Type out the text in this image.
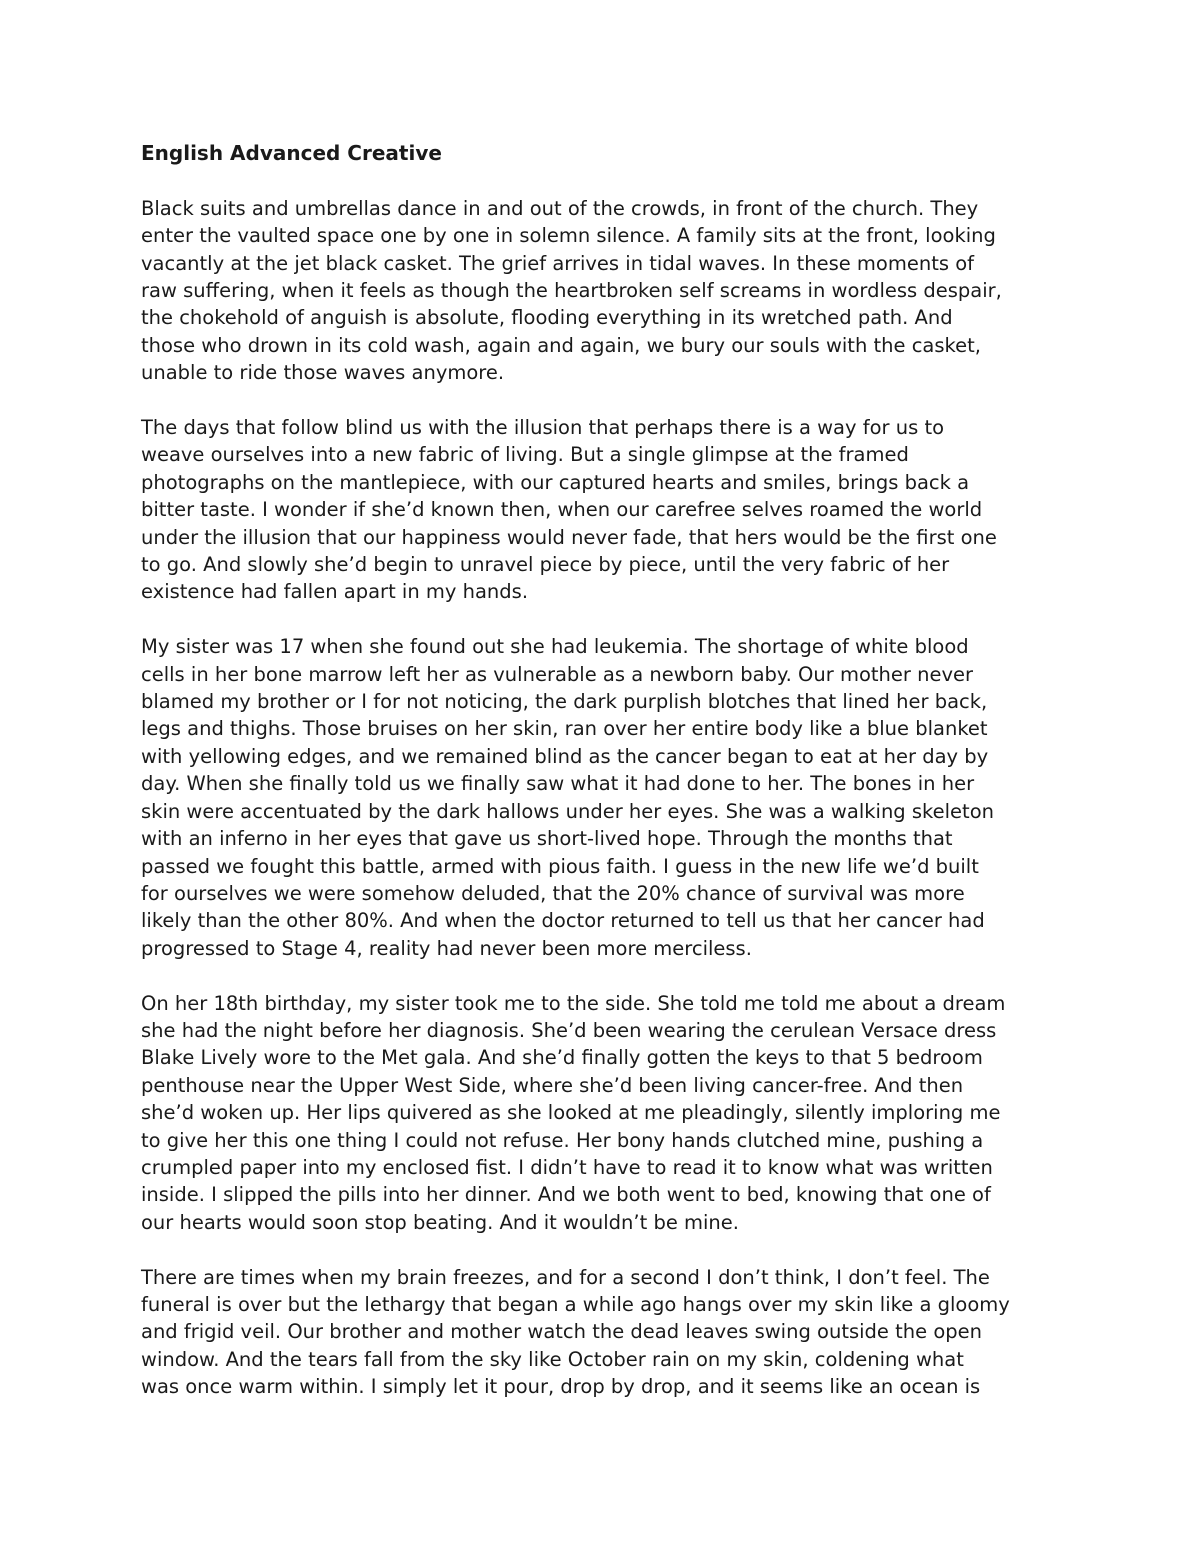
English Advanced Creative
Black suits and umbrellas dance in and out of the crowds, in front of the church. They
enter the vaulted space one by one in solemn silence. A family sits at the front, looking
vacantly at the jet black casket. The grief arrives in tidal waves. In these moments of
raw suffering, when it feels as though the heartbroken self screams in wordless despair,
the chokehold of anguish is absolute, flooding everything in its wretched path. And
those who drown in its cold wash, again and again, we bury our souls with the casket,
unable to ride those waves anymore.
The days that follow blind us with the illusion that perhaps there is a way for us to
weave ourselves into a new fabric of living. But a single glimpse at the framed
photographs on the mantlepiece, with our captured hearts and smiles, brings back a
bitter taste. I wonder if she’d known then, when our carefree selves roamed the world
under the illusion that our happiness would never fade, that hers would be the first one
to go. And slowly she’d begin to unravel piece by piece, until the very fabric of her
existence had fallen apart in my hands.
My sister was 17 when she found out she had leukemia. The shortage of white blood
cells in her bone marrow left her as vulnerable as a newborn baby. Our mother never
blamed my brother or I for not noticing, the dark purplish blotches that lined her back,
legs and thighs. Those bruises on her skin, ran over her entire body like a blue blanket
with yellowing edges, and we remained blind as the cancer began to eat at her day by
day. When she finally told us we finally saw what it had done to her. The bones in her
skin were accentuated by the dark hallows under her eyes. She was a walking skeleton
with an inferno in her eyes that gave us short-lived hope. Through the months that
passed we fought this battle, armed with pious faith. I guess in the new life we’d built
for ourselves we were somehow deluded, that the 20% chance of survival was more
likely than the other 80%. And when the doctor returned to tell us that her cancer had
progressed to Stage 4, reality had never been more merciless.
On her 18th birthday, my sister took me to the side. She told me told me about a dream
she had the night before her diagnosis. She’d been wearing the cerulean Versace dress
Blake Lively wore to the Met gala. And she’d finally gotten the keys to that 5 bedroom
penthouse near the Upper West Side, where she’d been living cancer-free. And then
she’d woken up. Her lips quivered as she looked at me pleadingly, silently imploring me
to give her this one thing I could not refuse. Her bony hands clutched mine, pushing a
crumpled paper into my enclosed fist. I didn’t have to read it to know what was written
inside. I slipped the pills into her dinner. And we both went to bed, knowing that one of
our hearts would soon stop beating. And it wouldn’t be mine.
There are times when my brain freezes, and for a second I don’t think, I don’t feel. The
funeral is over but the lethargy that began a while ago hangs over my skin like a gloomy
and frigid veil. Our brother and mother watch the dead leaves swing outside the open
window. And the tears fall from the sky like October rain on my skin, coldening what
was once warm within. I simply let it pour, drop by drop, and it seems like an ocean is
